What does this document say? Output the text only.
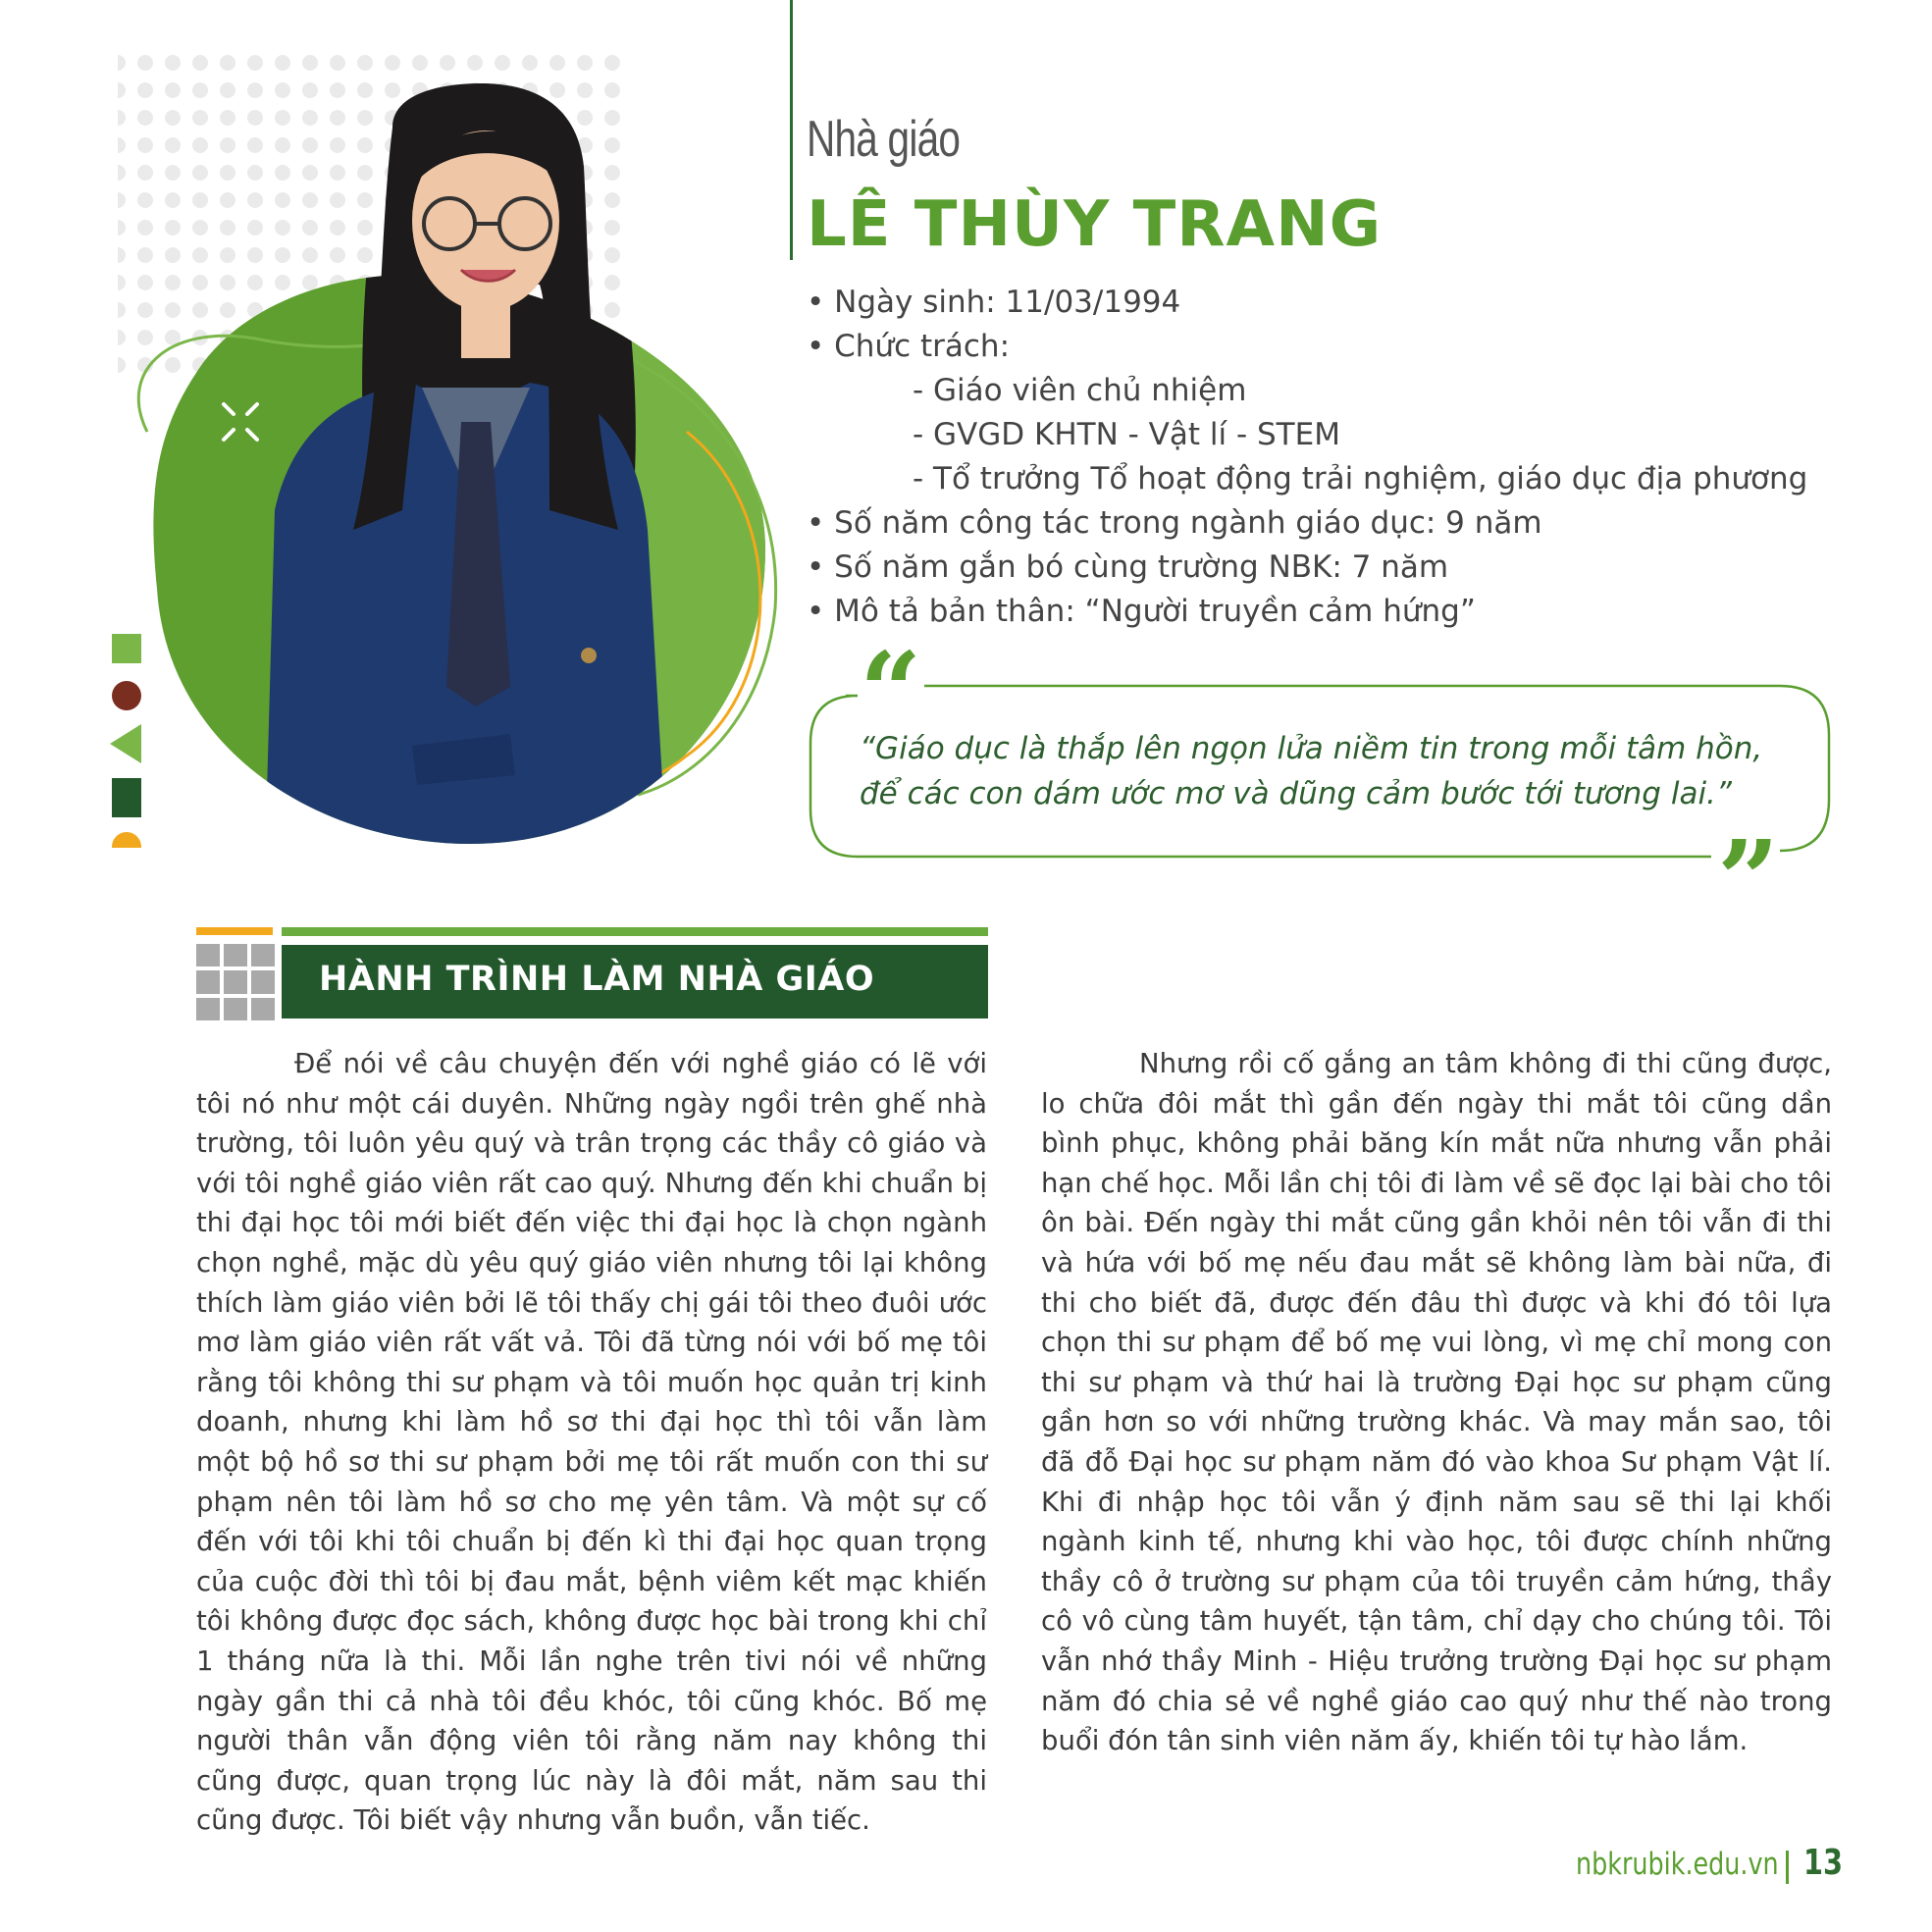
Nhà giáo
LÊ THÙY TRANG
• Ngày sinh: 11/03/1994
• Chức trách:
- Giáo viên chủ nhiệm
- GVGD KHTN - Vật lí - STEM
- Tổ trưởng Tổ hoạt động trải nghiệm, giáo dục địa phương
• Số năm công tác trong ngành giáo dục: 9 năm
• Số năm gắn bó cùng trường NBK: 7 năm
• Mô tả bản thân: “Người truyền cảm hứng”
“
”
“Giáo dục là thắp lên ngọn lửa niềm tin trong mỗi tâm hồn, để các con dám ước mơ và dũng cảm bước tới tương lai.”
HÀNH TRÌNH LÀM NHÀ GIÁO

Để nói về câu chuyện đến với nghề giáo có lẽ với tôi nó như một cái duyên. Những ngày ngồi trên ghế nhà trường, tôi luôn yêu quý và trân trọng các thầy cô giáo và với tôi nghề giáo viên rất cao quý. Nhưng đến khi chuẩn bị thi đại học tôi mới biết đến việc thi đại học là chọn ngành chọn nghề, mặc dù yêu quý giáo viên nhưng tôi lại không thích làm giáo viên bởi lẽ tôi thấy chị gái tôi theo đuôi ước mơ làm giáo viên rất vất vả. Tôi đã từng nói với bố mẹ tôi rằng tôi không thi sư phạm và tôi muốn học quản trị kinh doanh, nhưng khi làm hồ sơ thi đại học thì tôi vẫn làm một bộ hồ sơ thi sư phạm bởi mẹ tôi rất muốn con thi sư phạm nên tôi làm hồ sơ cho mẹ yên tâm. Và một sự cố đến với tôi khi tôi chuẩn bị đến kì thi đại học quan trọng của cuộc đời thì tôi bị đau mắt, bệnh viêm kết mạc khiến tôi không được đọc sách, không được học bài trong khi chỉ 1 tháng nữa là thi. Mỗi lần nghe trên tivi nói về những ngày gần thi cả nhà tôi đều khóc, tôi cũng khóc. Bố mẹ người thân vẫn động viên tôi rằng năm nay không thi cũng được, quan trọng lúc này là đôi mắt, năm sau thi cũng được. Tôi biết vậy nhưng vẫn buồn, vẫn tiếc.

Nhưng rồi cố gắng an tâm không đi thi cũng được, lo chữa đôi mắt thì gần đến ngày thi mắt tôi cũng dần bình phục, không phải băng kín mắt nữa nhưng vẫn phải hạn chế học. Mỗi lần chị tôi đi làm về sẽ đọc lại bài cho tôi ôn bài. Đến ngày thi mắt cũng gần khỏi nên tôi vẫn đi thi và hứa với bố mẹ nếu đau mắt sẽ không làm bài nữa, đi thi cho biết đã, được đến đâu thì được và khi đó tôi lựa chọn thi sư phạm để bố mẹ vui lòng, vì mẹ chỉ mong con thi sư phạm và thứ hai là trường Đại học sư phạm cũng gần hơn so với những trường khác. Và may mắn sao, tôi đã đỗ Đại học sư phạm năm đó vào khoa Sư phạm Vật lí. Khi đi nhập học tôi vẫn ý định năm sau sẽ thi lại khối ngành kinh tế, nhưng khi vào học, tôi được chính những thầy cô ở trường sư phạm của tôi truyền cảm hứng, thầy cô vô cùng tâm huyết, tận tâm, chỉ dạy cho chúng tôi. Tôi vẫn nhớ thầy Minh - Hiệu trưởng trường Đại học sư phạm năm đó chia sẻ về nghề giáo cao quý như thế nào trong buổi đón tân sinh viên năm ấy, khiến tôi tự hào lắm.

nbkrubik.edu.vn 13
